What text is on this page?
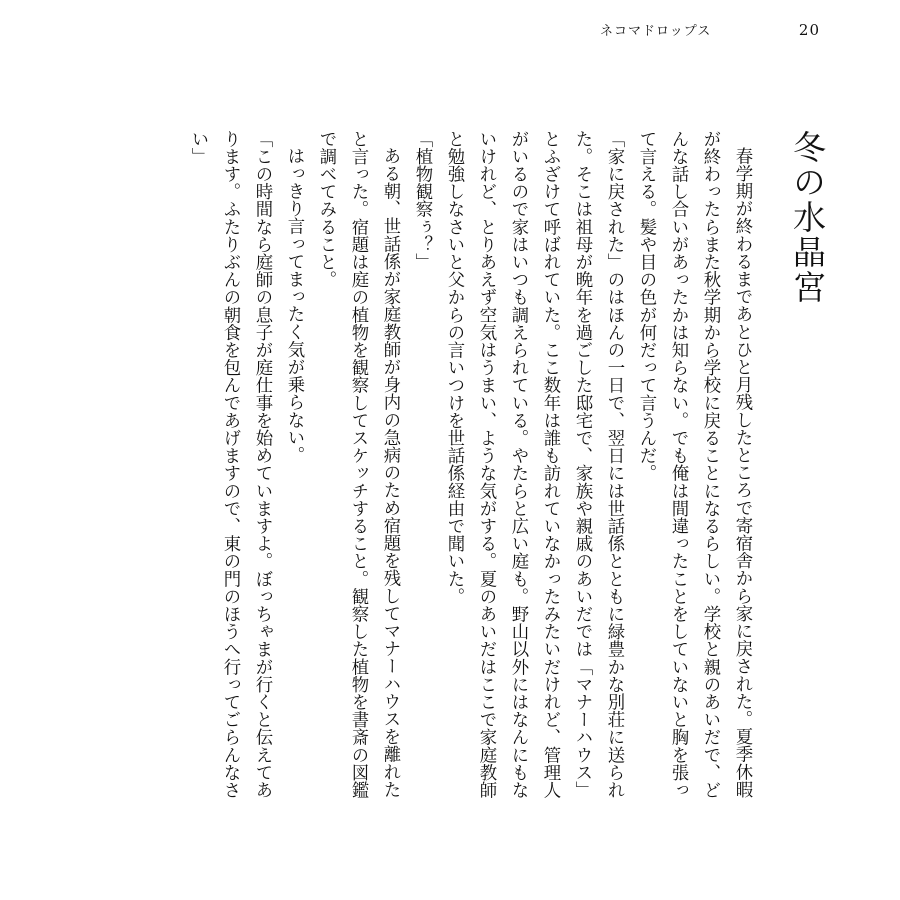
ネコマドロップス	20
冬の水晶宮

春学期が終わるまであとひと月残したところで寄宿舎から家に戻された。夏季休暇が終わったらまた秋学期から学校に戻ることになるらしい。学校と親のあいだで、どんな話し合いがあったかは知らない。でも俺は間違ったことをしていないと胸を張って言える。髪や目の色が何だって言うんだ。

「家に戻された」のはほんの一日で、翌日には世話係とともに緑豊かな別荘に送られた。そこは祖母が晩年を過ごした邸宅で、家族や親戚のあいだでは「マナーハウス」とふざけて呼ばれていた。ここ数年は誰も訪れていなかったみたいだけれど、管理人がいるので家はいつも調えられている。やたらと広い庭も。野山以外にはなんにもないけれど、とりあえず空気はうまい、ような気がする。夏のあいだはここで家庭教師と勉強しなさいと父からの言いつけを世話係経由で聞いた。

「植物観察ぅ？」

ある朝、世話係が家庭教師が身内の急病のため宿題を残してマナーハウスを離れたと言った。宿題は庭の植物を観察してスケッチすること。観察した植物を書斎の図鑑で調べてみること。

はっきり言ってまったく気が乗らない。

「この時間なら庭師の息子が庭仕事を始めていますよ。ぼっちゃまが行くと伝えてあります。ふたりぶんの朝食を包んであげますので、東の門のほうへ行ってごらんなさい」
